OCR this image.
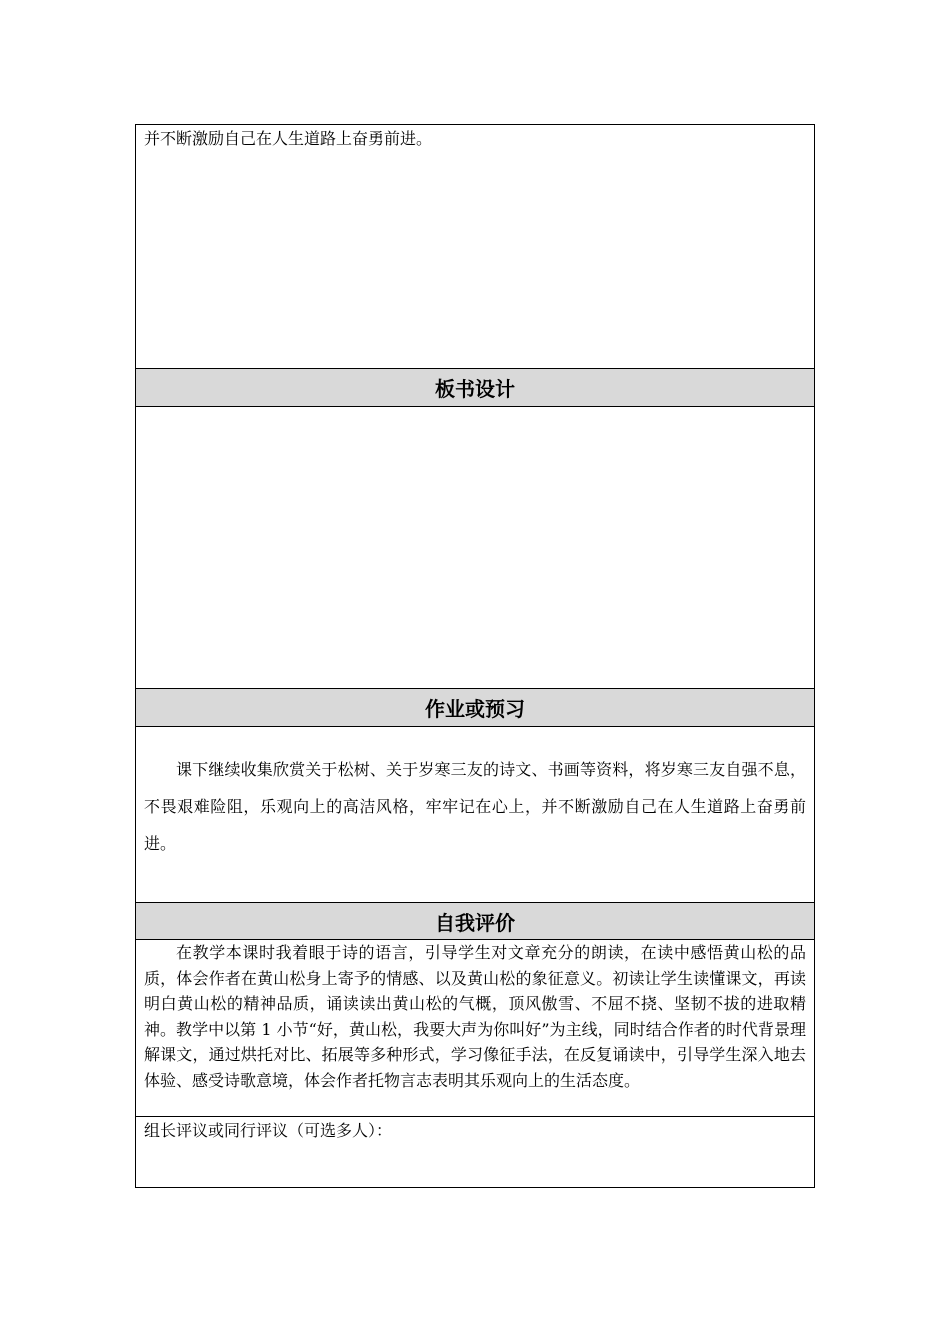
并不断激励自己在人生道路上奋勇前进。
板书设计
作业或预习
课下继续收集欣赏关于松树、关于岁寒三友的诗文、书画等资料，将岁寒三友自强不息，不畏艰难险阻，乐观向上的高洁风格，牢牢记在心上，并不断激励自己在人生道路上奋勇前进。
自我评价
在教学本课时我着眼于诗的语言，引导学生对文章充分的朗读，在读中感悟黄山松的品质，体会作者在黄山松身上寄予的情感、以及黄山松的象征意义。初读让学生读懂课文，再读明白黄山松的精神品质，诵读读出黄山松的气概，顶风傲雪、不屈不挠、坚韧不拔的进取精神。教学中以第 1 小节“好，黄山松，我要大声为你叫好”为主线，同时结合作者的时代背景理解课文，通过烘托对比、拓展等多种形式，学习像征手法，在反复诵读中，引导学生深入地去体验、感受诗歌意境，体会作者托物言志表明其乐观向上的生活态度。
组长评议或同行评议（可选多人）：
